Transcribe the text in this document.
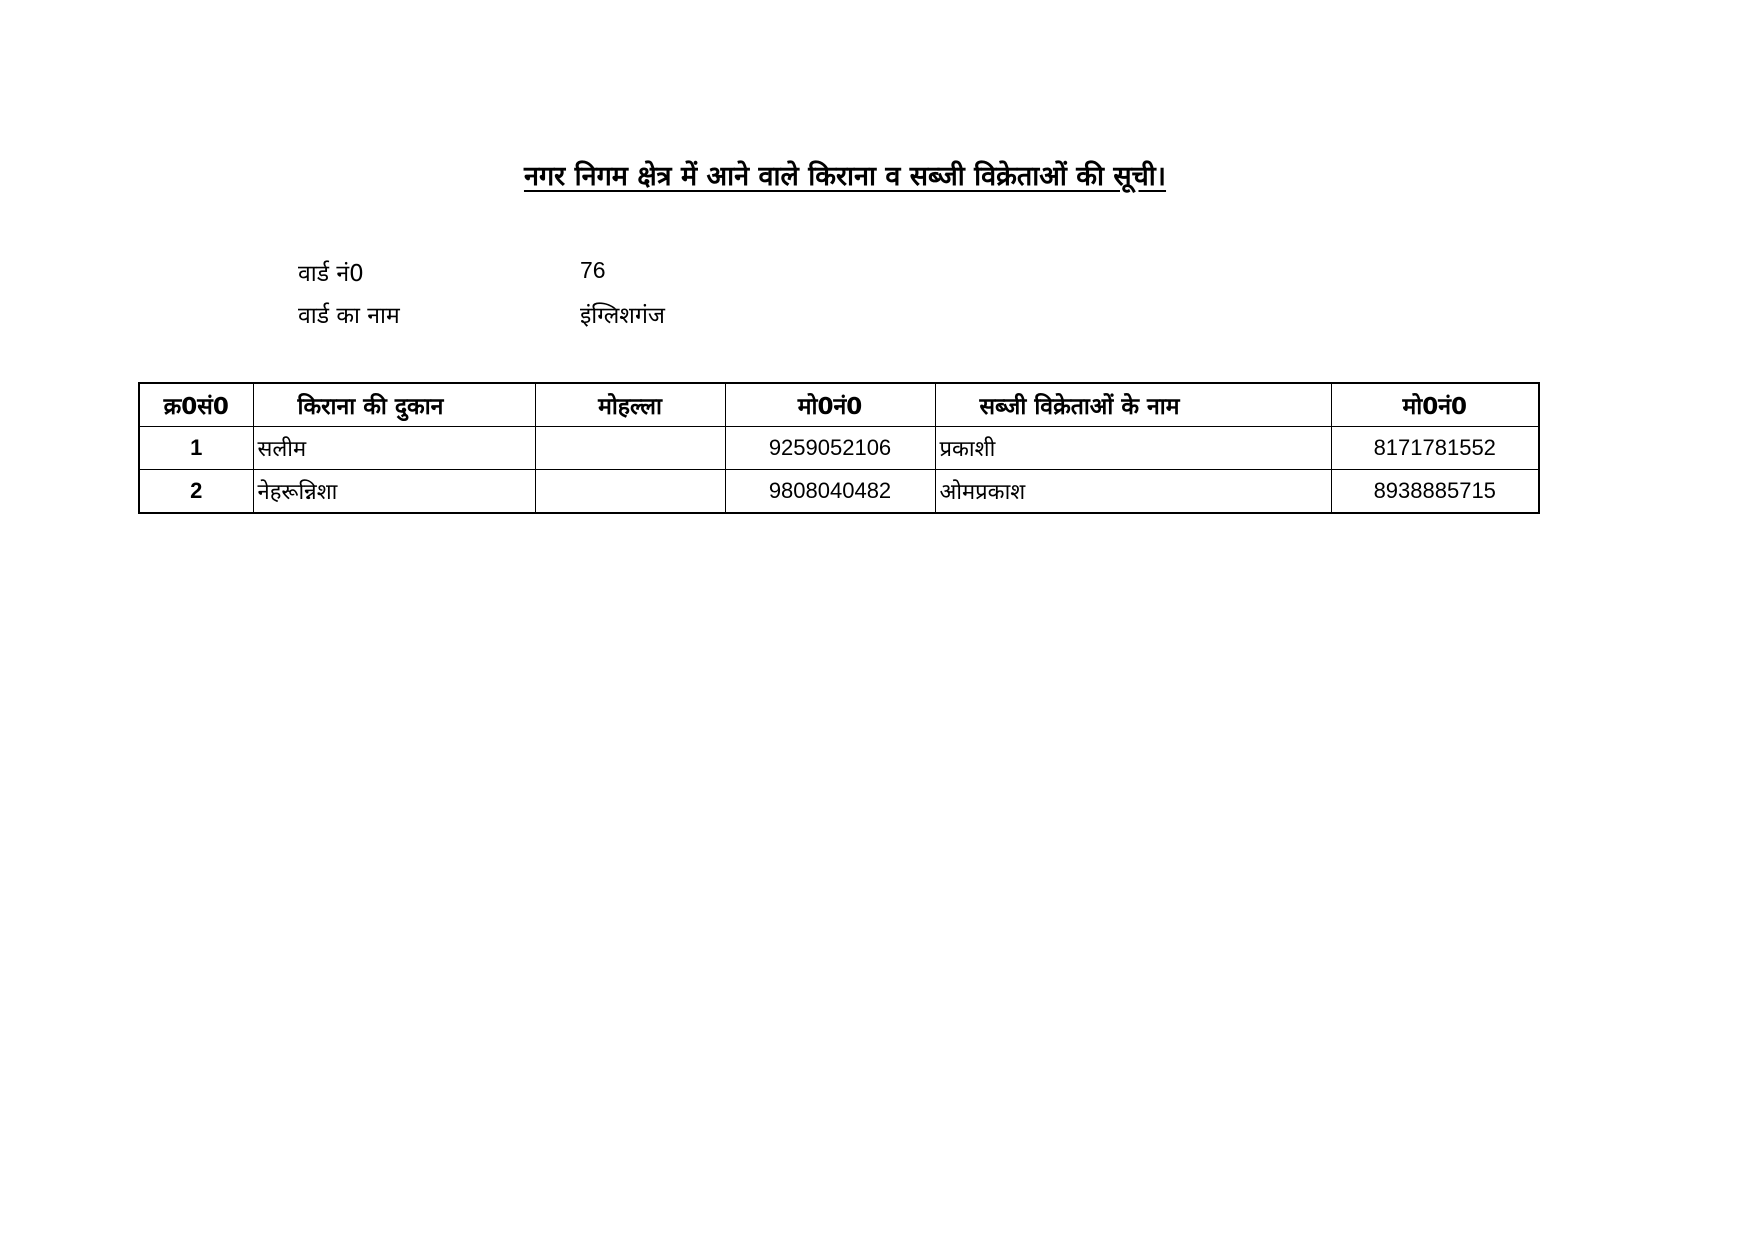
नगर निगम क्षेत्र में आने वाले किराना व सब्जी विक्रेताओं की सूची।
वार्ड नं0	76
वार्ड का नाम	इंग्लिशगंज
क्र0सं0	किराना की दुकान	मोहल्ला	मो0नं0	सब्जी विक्रेताओं के नाम	मो0नं0
1	सलीम		9259052106	प्रकाशी	8171781552
2	नेहरून्निशा		9808040482	ओमप्रकाश	8938885715
